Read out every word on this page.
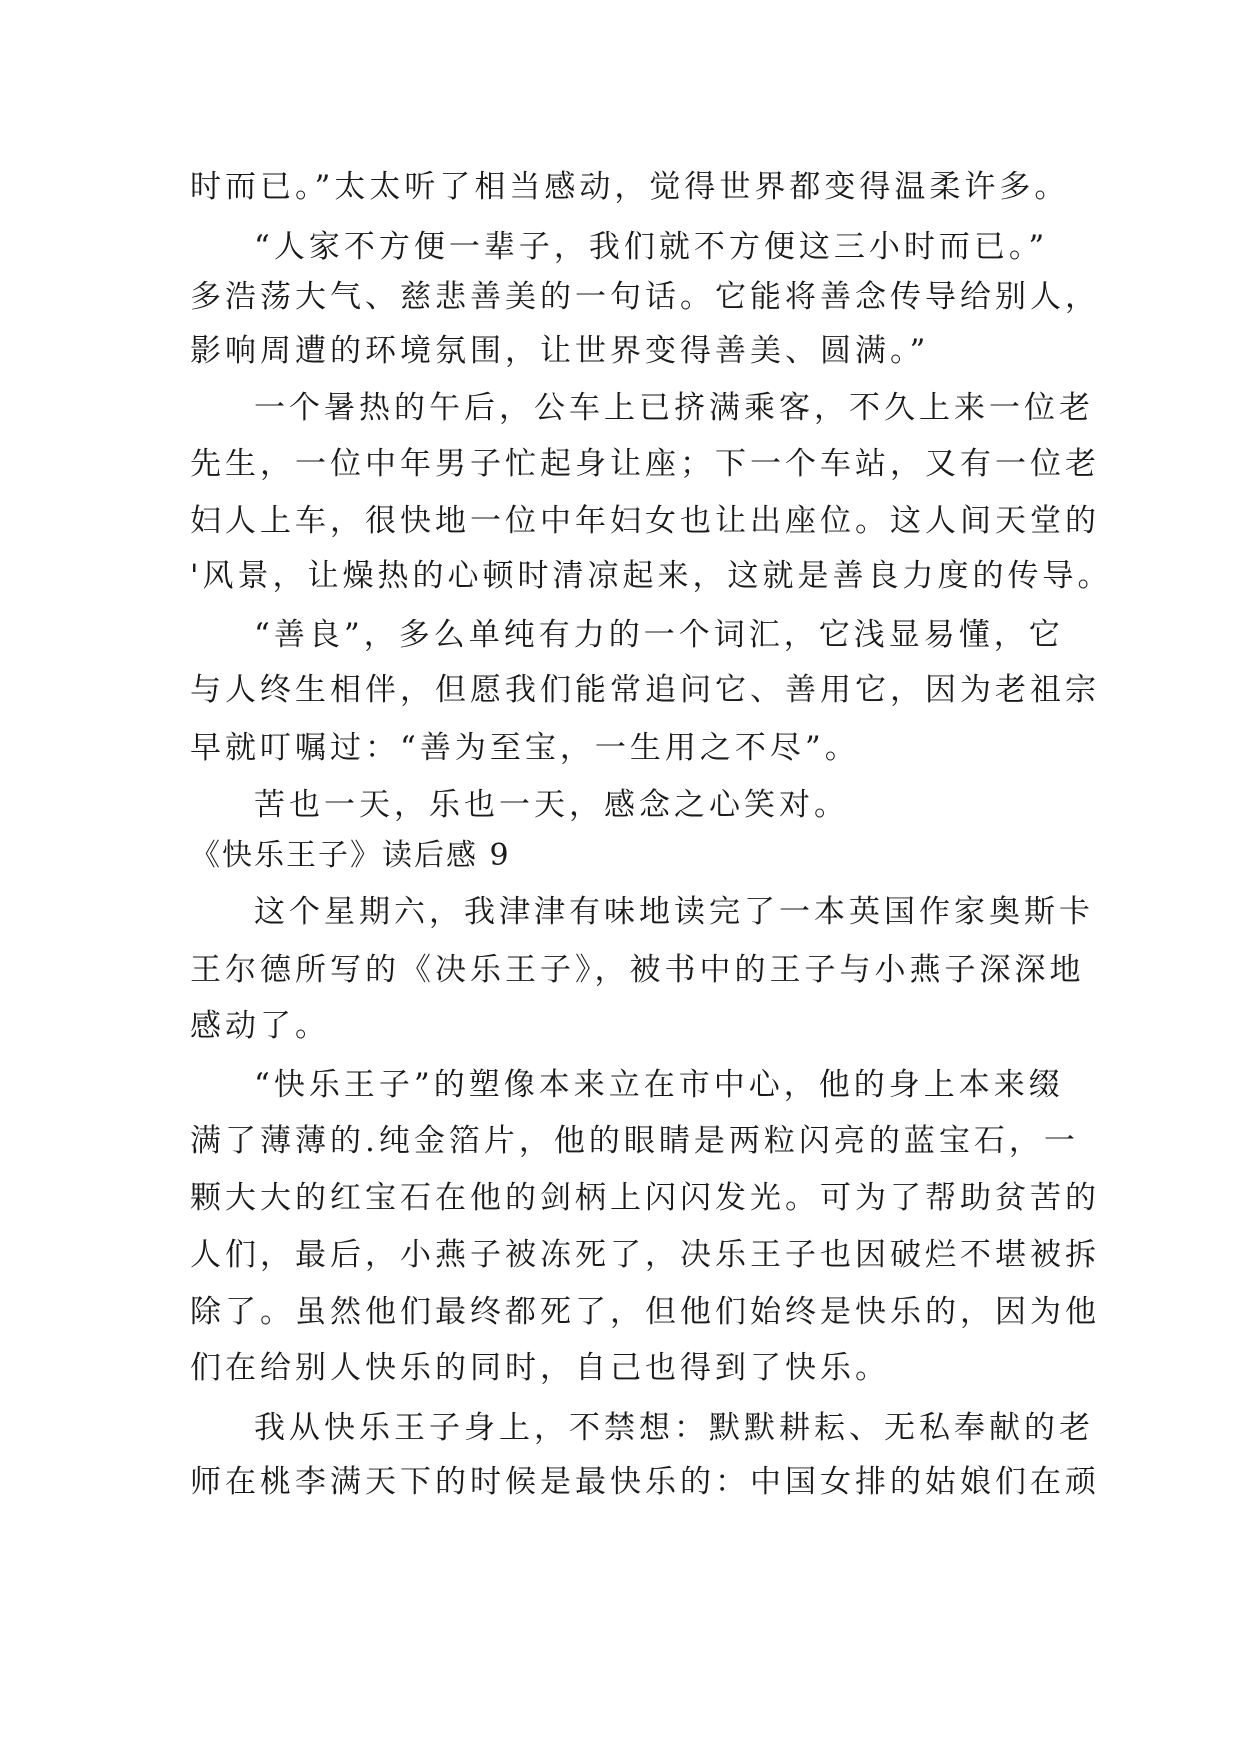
时而已。”太太听了相当感动，觉得世界都变得温柔许多。
“人家不方便一辈子，我们就不方便这三小时而已。”
多浩荡大气、慈悲善美的一句话。它能将善念传导给别人，
影响周遭的环境氛围，让世界变得善美、圆满。”
一个暑热的午后，公车上已挤满乘客，不久上来一位老
先生，一位中年男子忙起身让座；下一个车站，又有一位老
妇人上车，很快地一位中年妇女也让出座位。这人间天堂的
'风景，让燥热的心顿时清凉起来，这就是善良力度的传导。
“善良”，多么单纯有力的一个词汇，它浅显易懂，它
与人终生相伴，但愿我们能常追问它、善用它，因为老祖宗
早就叮嘱过：“善为至宝，一生用之不尽”。
苦也一天，乐也一天，感念之心笑对。
《快乐王子》读后感 9
这个星期六，我津津有味地读完了一本英国作家奥斯卡
王尔德所写的《决乐王子》，被书中的王子与小燕子深深地
感动了。
“快乐王子”的塑像本来立在市中心，他的身上本来缀
满了薄薄的.纯金箔片，他的眼睛是两粒闪亮的蓝宝石，一
颗大大的红宝石在他的剑柄上闪闪发光。可为了帮助贫苦的
人们，最后，小燕子被冻死了，决乐王子也因破烂不堪被拆
除了。虽然他们最终都死了，但他们始终是快乐的，因为他
们在给别人快乐的同时，自己也得到了快乐。
我从快乐王子身上，不禁想：默默耕耘、无私奉献的老
师在桃李满天下的时候是最快乐的：中国女排的姑娘们在顽
